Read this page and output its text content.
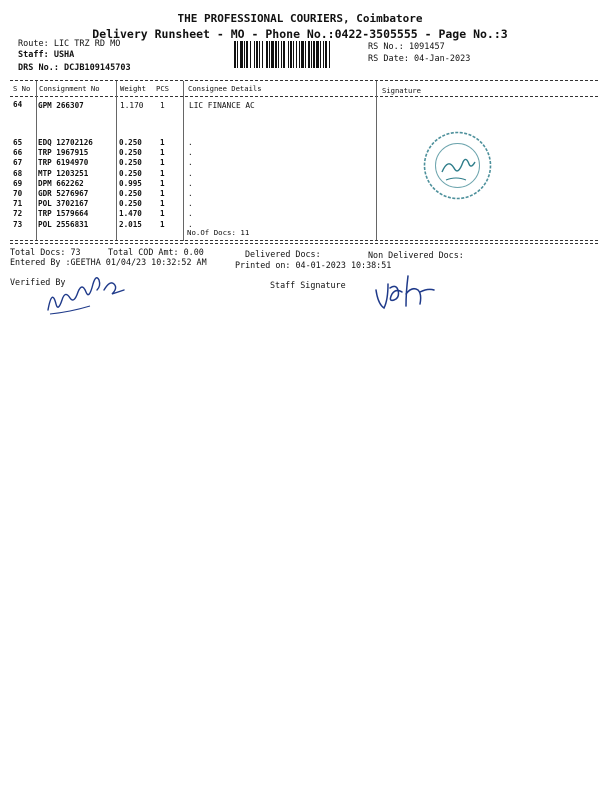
THE PROFESSIONAL COURIERS, Coimbatore
Delivery Runsheet - MO - Phone No.:0422-3505555 - Page No.:3
Route: LIC TRZ RD MO
Staff: USHA
DRS No.: DCJB109145703
RS No.: 1091457
RS Date: 04-Jan-2023
S No Consignment No	Weight PCS	Consignee Details	Signature
64 GPM 266307	1.170 1	LIC FINANCE AC
65 EDQ 12702126	0.250 1	.
66 TRP 1967915	0.250 1	.
67 TRP 6194970	0.250 1	.
68 MTP 1203251	0.250 1	.
69 DPM 662262	0.995 1	.
70 GDR 5276967	0.250 1	.
71 POL 3702167	0.250 1	.
72 TRP 1579664	1.470 1	.
73 POL 2556831	2.015 1	.
No.Of Docs: 11
Total Docs: 73	Total COD Amt: 0.00	Delivered Docs:	Non Delivered Docs:
Entered By :GEETHA 01/04/23 10:32:52 AM	Printed on: 04-01-2023 10:38:51
Verified By	Staff Signature
